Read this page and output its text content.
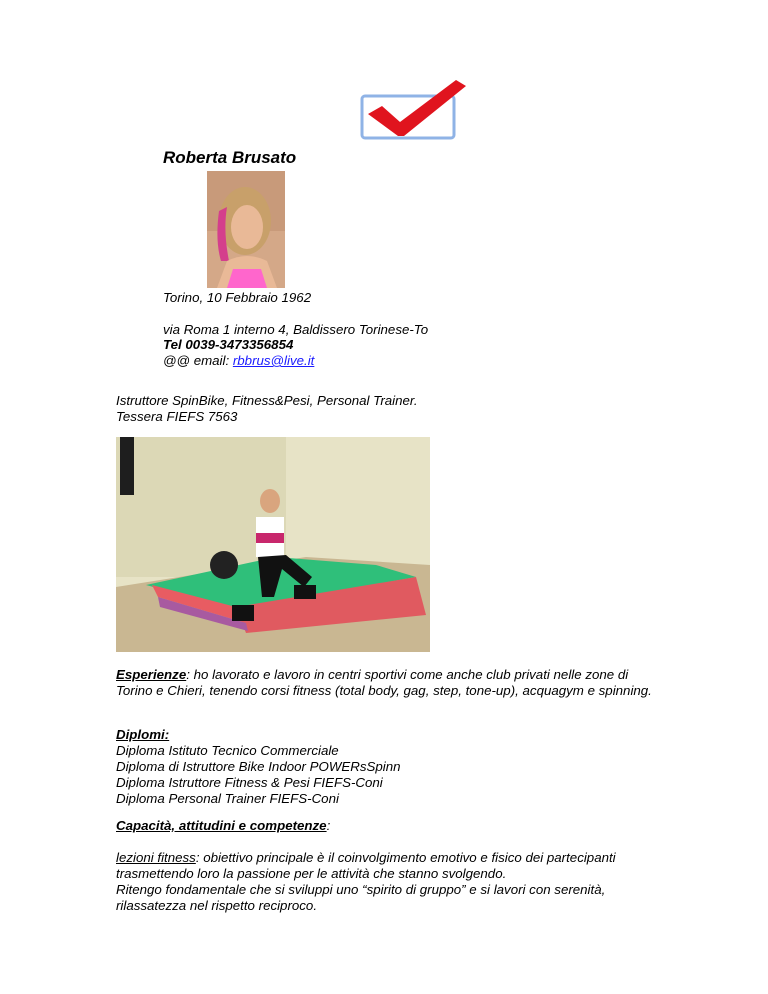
Roberta Brusato
Torino, 10 Febbraio 1962
via Roma 1 interno 4, Baldissero Torinese-To
Tel 0039-3473356854
@@ email: rbbrus@live.it
Istruttore SpinBike, Fitness&Pesi, Personal Trainer.
Tessera FIEFS 7563
Esperienze: ho lavorato e lavoro in centri sportivi come anche club privati nelle zone di Torino e Chieri, tenendo corsi fitness (total body, gag, step, tone-up), acquagym e spinning.
Diplomi:
Diploma Istituto Tecnico Commerciale
Diploma di Istruttore Bike Indoor POWERsSpinn
Diploma Istruttore Fitness & Pesi FIEFS-Coni
Diploma Personal Trainer FIEFS-Coni
Capacità, attitudini e competenze:
lezioni fitness: obiettivo principale è il coinvolgimento emotivo e fisico dei partecipanti trasmettendo loro la passione per le attività che stanno svolgendo.
Ritengo fondamentale che si sviluppi uno “spirito di gruppo” e si lavori con serenità, rilassatezza nel rispetto reciproco.
